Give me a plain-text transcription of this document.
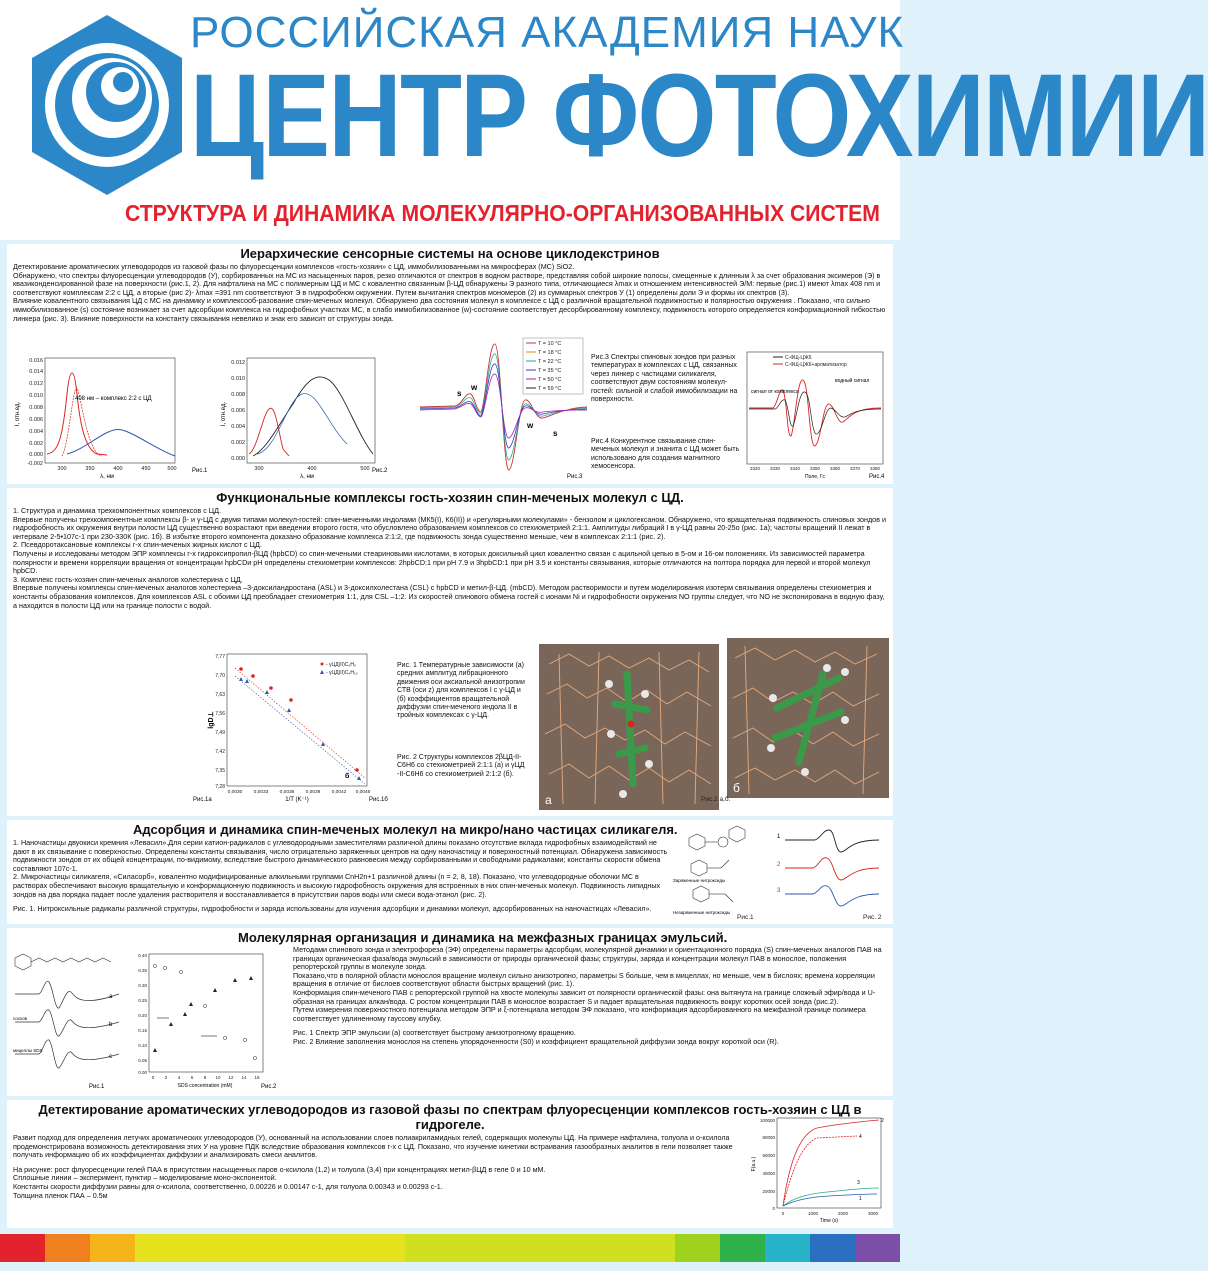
РОССИЙСКАЯ АКАДЕМИЯ НАУК
ЦЕНТР ФОТОХИМИИ
СТРУКТУРА И ДИНАМИКА МОЛЕКУЛЯРНО-ОРГАНИЗОВАННЫХ СИСТЕМ
Иерархические сенсорные системы на основе циклодекстринов

Детектирование ароматических углеводородов из газовой фазы по флуоресценции комплексов «гость-хозяин» с ЦД, иммобилизованными на микросферах (МС) SiO2.

Обнаружено, что спектры флуоресценции углеводородов (У), сорбированных на МС из насыщенных паров, резко отличаются от спектров в водном растворе, представляя собой широкие полосы, смещенные к длинным λ за счет образования эксимеров (Э) в квазиконденсированной фазе на поверхности (рис.1, 2). Для нафталина на МС с полимерным ЦД и МС с ковалентно связанным β-ЦД обнаружены Э разного типа, отличающиеся λmax и отношением интенсивностей Э/М: первые (рис.1) имеют λmax 408 nm и соответствуют комплексам 2:2 с ЦД, а вторые (рис 2)- λmax =391 nm соответствуют Э в гидрофобном окружении. Путем вычитания спектров мономеров (2) из суммарных спектров У (1) определены доли Э и формы их спектров (3).

Влияние ковалентного связывания ЦД с МС на динамику и комплексооб-разование спин-меченых молекул. Обнаружено два состояния молекул в комплексе с ЦД с различной вращательной подвижностью и полярностью окружения . Показано, что сильно иммобилизованное (s) состояние возникает за счет адсорбции комплекса на гидрофобных участках МС, в слабо иммобилизованное (w)-состояние соответствует десорбированному комплексу, подвижность которого определяется конформационной гибкостью линкера (рис. 3). Влияние поверхности на константу связывания невелико и знак его зависит от структуры зонда.

0.016
0.014
0.012
0.010
0.008
0.006
0.004
0.002
0.000
-0.002
300	350	400	450	500
I, отн.ед.
λ, нм
408 нм – комплекс 2:2 с ЦД
Рис.1
0.012
0.010
0.008
0.006
0.004
0.002
0.000
300	400	500
I, отн.ед.
λ, нм
Рис.2
T = 10 °C
T = 18 °C
T = 22 °C
T = 35 °C
T = 50 °C
T = 59 °C
s
w
w
s
Рис.3
Рис.3 Спектры спиновых зондов при разных температурах в комплексах с ЦД, связанных через линкер с частицами силикагеля, соответствуют двум состояниям молекул-гостей: сильной и слабой иммобилизации на поверхности.
Рис.4 Конкурентное связывание спин-меченых молекул и знанита с ЦД может быть использовано для создания магнитного хемосенсора.
С-ФЩ-ЦЖ6
С-ФЩ-ЦЖ6+ароматизатор
сигнал от комплекса
водный сигнал
3320 3330 3340 3350 3360 3370 3380
Поле, Гс	Рис.4
Функциональные комплексы гость-хозяин спин-меченых молекул с ЦД.

1. Структура и динамика трехкомпонентных комплексов с ЦД.

Впервые получены трехкомпонентные комплексы β- и γ-ЦД с двумя типами молекул-гостей: спин-меченными индолами (МК5(I), К6(II)) и «регулярными молекулами» - бензолом и циклогексаном. Обнаружено, что вращательная подвижность спиновых зондов и гидрофобность их окружения внутри полости ЦД существенно возрастают при введении второго гостя, что обусловлено образованием комплексов со стехиометрией 2:1:1. Амплитуды либраций I в γ-ЦД равны 20-25о (рис. 1а); частоты вращений II лежат в интервале 2-5•107с-1 при 230-330К (рис. 1б). В избытке второго компонента доказано образование комплекса 2:1:2, где подвижность зонда существенно меньше, чем в комплексах 2:1:1 (рис. 2).

2. Псевдоротаксановые комплексы г-х спин-меченых жирных кислот с ЦД.

Получены и исследованы методом ЭПР комплексы г-х гидроксипропил-βЦД (hpbCD) со спин-мечеными стеариновыми кислотами, в которых доксильный цикл ковалентно связан с ацильной цепью в 5-ом и 16-ом положениях. Из зависимостей параметра полярности и времени корреляции вращения от концентрации hpbCDи pH определены стехиометрии комплексов: 2hpbCD:1 при pH 7.9 и 3hpbCD:1 при pH 3.5 и константы связывания, которые отличаются на полтора порядка для первой и второй молекул hpbCD.

3. Комплекс гость-хозяин спин-меченых аналогов холестерина с ЦД.

Впервые получены комплексы спин-меченых аналогов холестерина –3-доксиландростана (ASL) и 3-доксилхолестана (CSL) с hpbCD и метил-β-ЦД. (mbCD). Методом растворимости и путем моделирования изотерм связывания определены стехиометрия и константы образования комплексов. Для комплексов ASL с обоими ЦД преобладает стехиометрия 1:1, для CSL –1:2. Из скоростей спинового обмена гостей с ионами Ni и гидрофобности окружения NO группы следует, что NO не экспонирована в водную фазу, а находится в полости ЦД или на границе полости с водой.

7,77
7,70
7,63
7,56
7,49
7,42
7,35
7,28
0,0030 0,0033 0,0036 0,0039 0,0042 0,0045
lgD⊥
1/T (K⁻¹)
- γЦД(II)C₆H₆
- γЦД(II)C₆H₁₂
б
Рис.1а	Рис.1б
Рис. 1 Температурные зависимости (а) средних амплитуд либрационного движения оси аксиальной анизотропии СТВ (оси z) для комплексов I с γ-ЦД и (б) коэффициентов вращательной диффузии спин-меченого индола II в тройных комплексах с γ-ЦД.
Рис. 2 Структуры комплексов 2βЦД-II-С6Н6 со стехиометрией 2:1:1 (а) и γЦД -II-С6Н6 со стехиометрией 2:1:2 (б).
а
б
Рис.2 а,б.
Адсорбция и динамика спин-меченых молекул на микро/нано частицах силикагеля.

1. Наночастицы двуокиси кремния «Левасил».Для серии катион-радикалов с углеводородными заместителями различной длины показано отсутствие вклада гидрофобных взаимодействий не дают в их связывание с поверхностью. Определены константы связывания, число отрицательно заряженных центров на одну наночастицу и поверхностный потенциал. Обнаружена зависимость подвижности зондов от их общей концентрации, по-видимому, вследствие быстрого динамического равновесия между сорбированными и свободными радикалами; константы скорости обмена составляют 107с-1.

2. Микрочастицы силикагеля, «Силасорб», ковалентно модифицированные алкильными группами CnH2n+1 различной длины (n = 2, 8, 18). Показано, что углеводородные оболочки МС в растворах обеспечивают высокую вращательную и конформационную подвижность и высокую гидрофобность окружения для встроенных в них спин-меченых молекул. Подвижность липидных зондов на два порядка падает после удаления растворителя и восстанавливается в присутствии паров воды или смеси вода-этанол (рис. 2).

Рис. 1. Нитроксильные радикалы различной структуры, гидрофобности и заряда использованы для изучения адсорбции и динамики молекул, адсорбированных на наночастицах «Левасил».

Заряженные нитроксиды
Незаряженные нитроксиды
Рис.1
1
2
3
Рис. 2
Молекулярная организация и динамика на межфазных границах эмульсий.
a
b
c
сосков
мицеллы SDS
Рис.1
0.40
0.35
0.30
0.25
0.20
0.15
0.10
0.05
0.00
0 2 4 6 8 10 12 14 16
SDS concentration (mM)	Рис.2

Методами спинового зонда и электрофореза (ЭФ) определены параметры адсорбции, молекулярной динамики и ориентационного порядка (S) спин-меченых аналогов ПАВ на границах органическая фаза/вода эмульсий в зависимости от природы органической фазы; структуры, заряда и концентрации молекул ПАВ в монослое, положения репортерской группы в молекуле зонда.

Показано,что в полярной области монослоя вращение молекул сильно анизотропно, параметры S больше, чем в мицеллах, но меньше, чем в бислоях; времена корреляции вращения в отличие от бислоев соответствуют области быстрых вращений (рис. 1).

Конформация спин-меченого ПАВ с репортерской группой на хвосте молекулы зависит от полярности органической фазы: она вытянута на границе сложный эфир/вода и U-образная на границах алкан/вода. С ростом концентрации ПАВ в монослое возрастает S и падает вращательная подвижность вокруг коротких осей зонда (рис.2).

Путем измерения поверхностного потенциала методом ЭПР и ξ-потенциала методом ЭФ показано, что конформация адсорбированного на межфазной границе полимера соответствует удлиненному гауссову клубку.

Рис. 1 Спектр ЭПР эмульсии (а) соответствует быстрому анизотропному вращению.

Рис. 2 Влияние заполнения монослоя на степень упорядоченности (S0) и коэффициент вращательной диффузии зонда вокруг короткой оси (R).

Детектирование ароматических углеводородов из газовой фазы по спектрам флуоресценции комплексов гость-хозяин с ЦД в гидрогеле.

Развит подход для определения летучих ароматических углеводородов (У), основанный на использовании слоев полиакриламидных гелей, содержащих молекулы ЦД. На примере нафталина, толуола и о-ксилола продемонстрирована возможность детектирования этих У на уровне ПДК вследствие образования комплексов г-х с ЦД. Показано, что изучение кинетики встраивания газообразных аналитов в гели позволяет также получать информацию об их коэффициентах диффузии и анализировать смеси аналитов.

На рисунке: рост флуоресценции гелей ПАА в присутствии насыщенных паров о-ксилола (1,2) и толуола (3,4) при концентрациях метил-βЦД в геле 0 и 10 мМ.

Сплошные линии – эксперимент, пунктир – моделирование моно-экспонентой.

Константы скорости диффузии равны для о-ксилола, соответственно, 0.00226 и 0.00147 с-1, для толуола 0.00343 и 0.00293 с-1.

Толщина пленок ПАА – 0.5м

100000
80000
60000
40000
20000
0
0	1000	2000	3000
F(a.u.)
Time (s)
2
4
3
1
